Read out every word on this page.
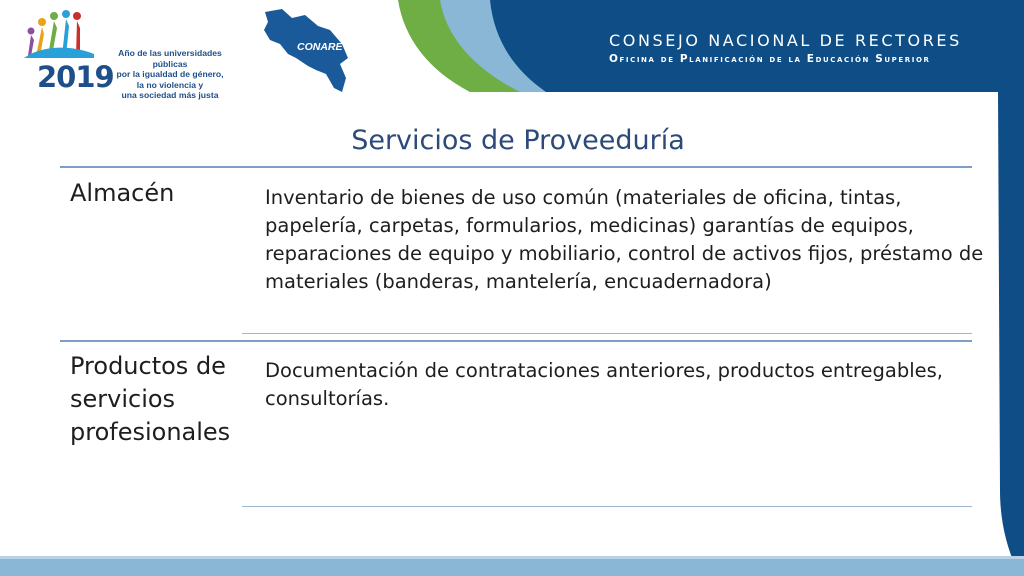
CONSEJO NACIONAL DE RECTORES
Oficina de Planificación de la Educación Superior
CONARE
2019
Año de las universidades públicas
por la igualdad de género,
la no violencia y
una sociedad más justa
Servicios de Proveeduría
Almacén	Inventario de bienes de uso común (materiales de oficina, tintas, papelería, carpetas, formularios, medicinas) garantías de equipos, reparaciones de equipo y mobiliario, control de activos fijos, préstamo de materiales (banderas, mantelería, encuadernadora)
Productos de servicios profesionales
Documentación de contrataciones anteriores, productos entregables, consultorías.
